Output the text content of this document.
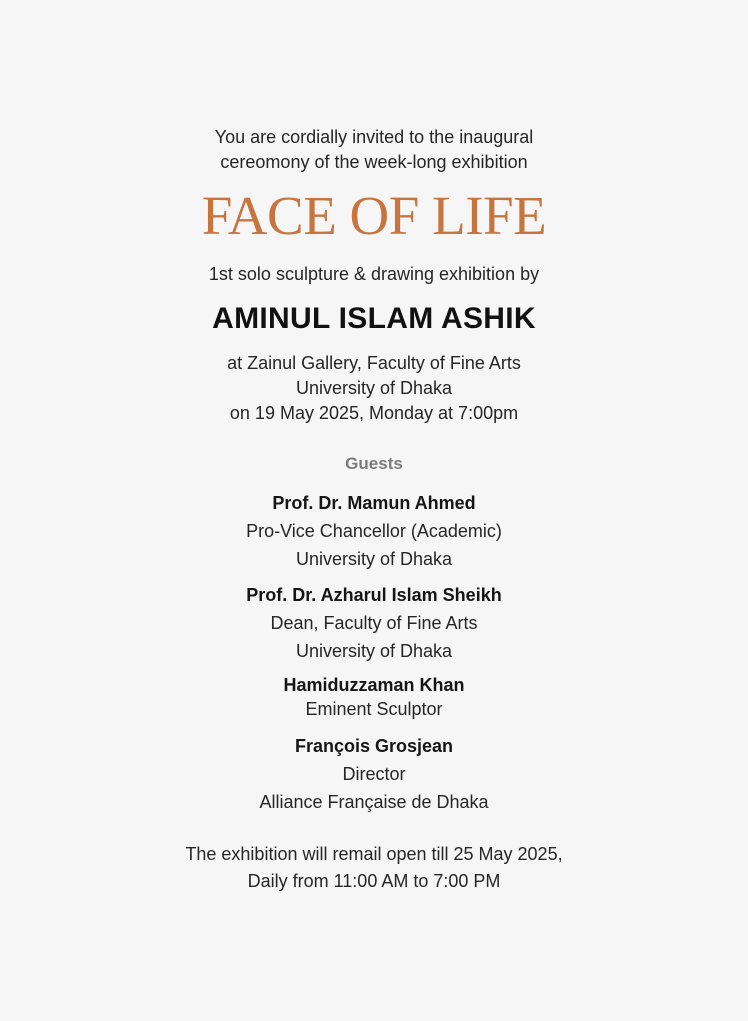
You are cordially invited to the inaugural
cereomony of the week-long exhibition
FACE OF LIFE
1st solo sculpture & drawing exhibition by
AMINUL ISLAM ASHIK
at Zainul Gallery, Faculty of Fine Arts
University of Dhaka
on 19 May 2025, Monday at 7:00pm
Guests
Prof. Dr. Mamun Ahmed
Pro-Vice Chancellor (Academic)
University of Dhaka
Prof. Dr. Azharul Islam Sheikh
Dean, Faculty of Fine Arts
University of Dhaka
Hamiduzzaman Khan
Eminent Sculptor
François Grosjean
Director
Alliance Française de Dhaka
The exhibition will remail open till 25 May 2025,
Daily from 11:00 AM to 7:00 PM
